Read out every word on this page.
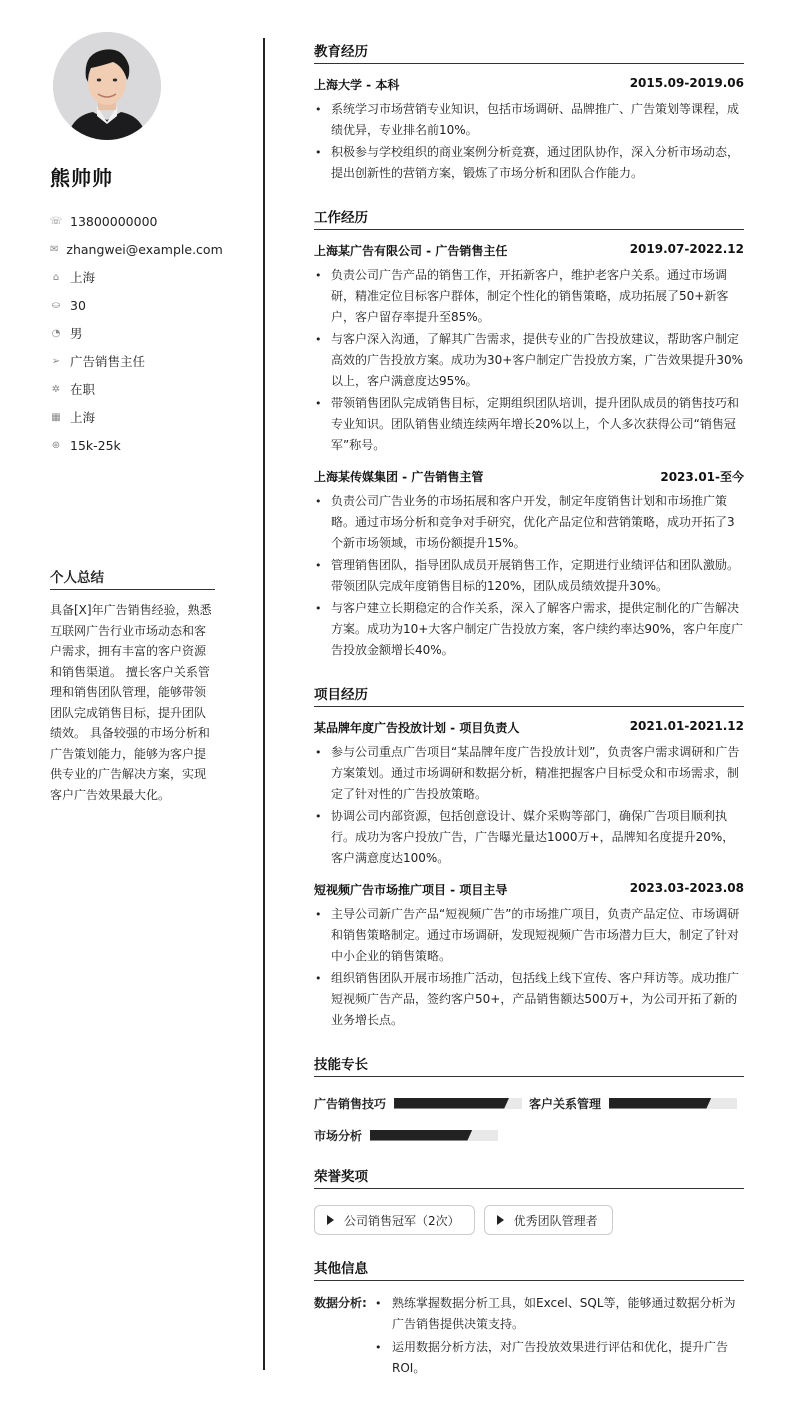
熊帅帅
☏ 13800000000
✉ zhangwei@example.com
⌂ 上海
⛀ 30
◔ 男
➢ 广告销售主任
✲ 在职
▦ 上海
⊛ 15k-25k
个人总结
具备[X]年广告销售经验，熟悉互联网广告行业市场动态和客户需求，拥有丰富的客户资源和销售渠道。 擅长客户关系管理和销售团队管理，能够带领团队完成销售目标，提升团队绩效。 具备较强的市场分析和广告策划能力，能够为客户提供专业的广告解决方案，实现客户广告效果最大化。
教育经历
上海大学 - 本科	2015.09-2019.06
• 系统学习市场营销专业知识，包括市场调研、品牌推广、广告策划等课程，成绩优异，专业排名前10%。
• 积极参与学校组织的商业案例分析竞赛，通过团队协作，深入分析市场动态，提出创新性的营销方案，锻炼了市场分析和团队合作能力。
工作经历
上海某广告有限公司 - 广告销售主任	2019.07-2022.12
• 负责公司广告产品的销售工作，开拓新客户，维护老客户关系。通过市场调研，精准定位目标客户群体，制定个性化的销售策略，成功拓展了50+新客户，客户留存率提升至85%。
• 与客户深入沟通，了解其广告需求，提供专业的广告投放建议，帮助客户制定高效的广告投放方案。成功为30+客户制定广告投放方案，广告效果提升30%以上，客户满意度达95%。
• 带领销售团队完成销售目标，定期组织团队培训，提升团队成员的销售技巧和专业知识。团队销售业绩连续两年增长20%以上，个人多次获得公司“销售冠军”称号。
上海某传媒集团 - 广告销售主管	2023.01-至今
• 负责公司广告业务的市场拓展和客户开发，制定年度销售计划和市场推广策略。通过市场分析和竞争对手研究，优化产品定位和营销策略，成功开拓了3个新市场领域，市场份额提升15%。
• 管理销售团队，指导团队成员开展销售工作，定期进行业绩评估和团队激励。带领团队完成年度销售目标的120%，团队成员绩效提升30%。
• 与客户建立长期稳定的合作关系，深入了解客户需求，提供定制化的广告解决方案。成功为10+大客户制定广告投放方案，客户续约率达90%，客户年度广告投放金额增长40%。
项目经历
某品牌年度广告投放计划 - 项目负责人	2021.01-2021.12
• 参与公司重点广告项目“某品牌年度广告投放计划”，负责客户需求调研和广告方案策划。通过市场调研和数据分析，精准把握客户目标受众和市场需求，制定了针对性的广告投放策略。
• 协调公司内部资源，包括创意设计、媒介采购等部门，确保广告项目顺利执行。成功为客户投放广告，广告曝光量达1000万+，品牌知名度提升20%，客户满意度达100%。
短视频广告市场推广项目 - 项目主导	2023.03-2023.08
• 主导公司新广告产品“短视频广告”的市场推广项目，负责产品定位、市场调研和销售策略制定。通过市场调研，发现短视频广告市场潜力巨大，制定了针对中小企业的销售策略。
• 组织销售团队开展市场推广活动，包括线上线下宣传、客户拜访等。成功推广短视频广告产品，签约客户50+，产品销售额达500万+，为公司开拓了新的业务增长点。
技能专长
广告销售技巧	客户关系管理
市场分析
荣誉奖项
公司销售冠军（2次）	优秀团队管理者
其他信息
数据分析:
•	熟练掌握数据分析工具，如Excel、SQL等，能够通过数据分析为广告销售提供决策支持。
• 运用数据分析方法，对广告投放效果进行评估和优化，提升广告ROI。
